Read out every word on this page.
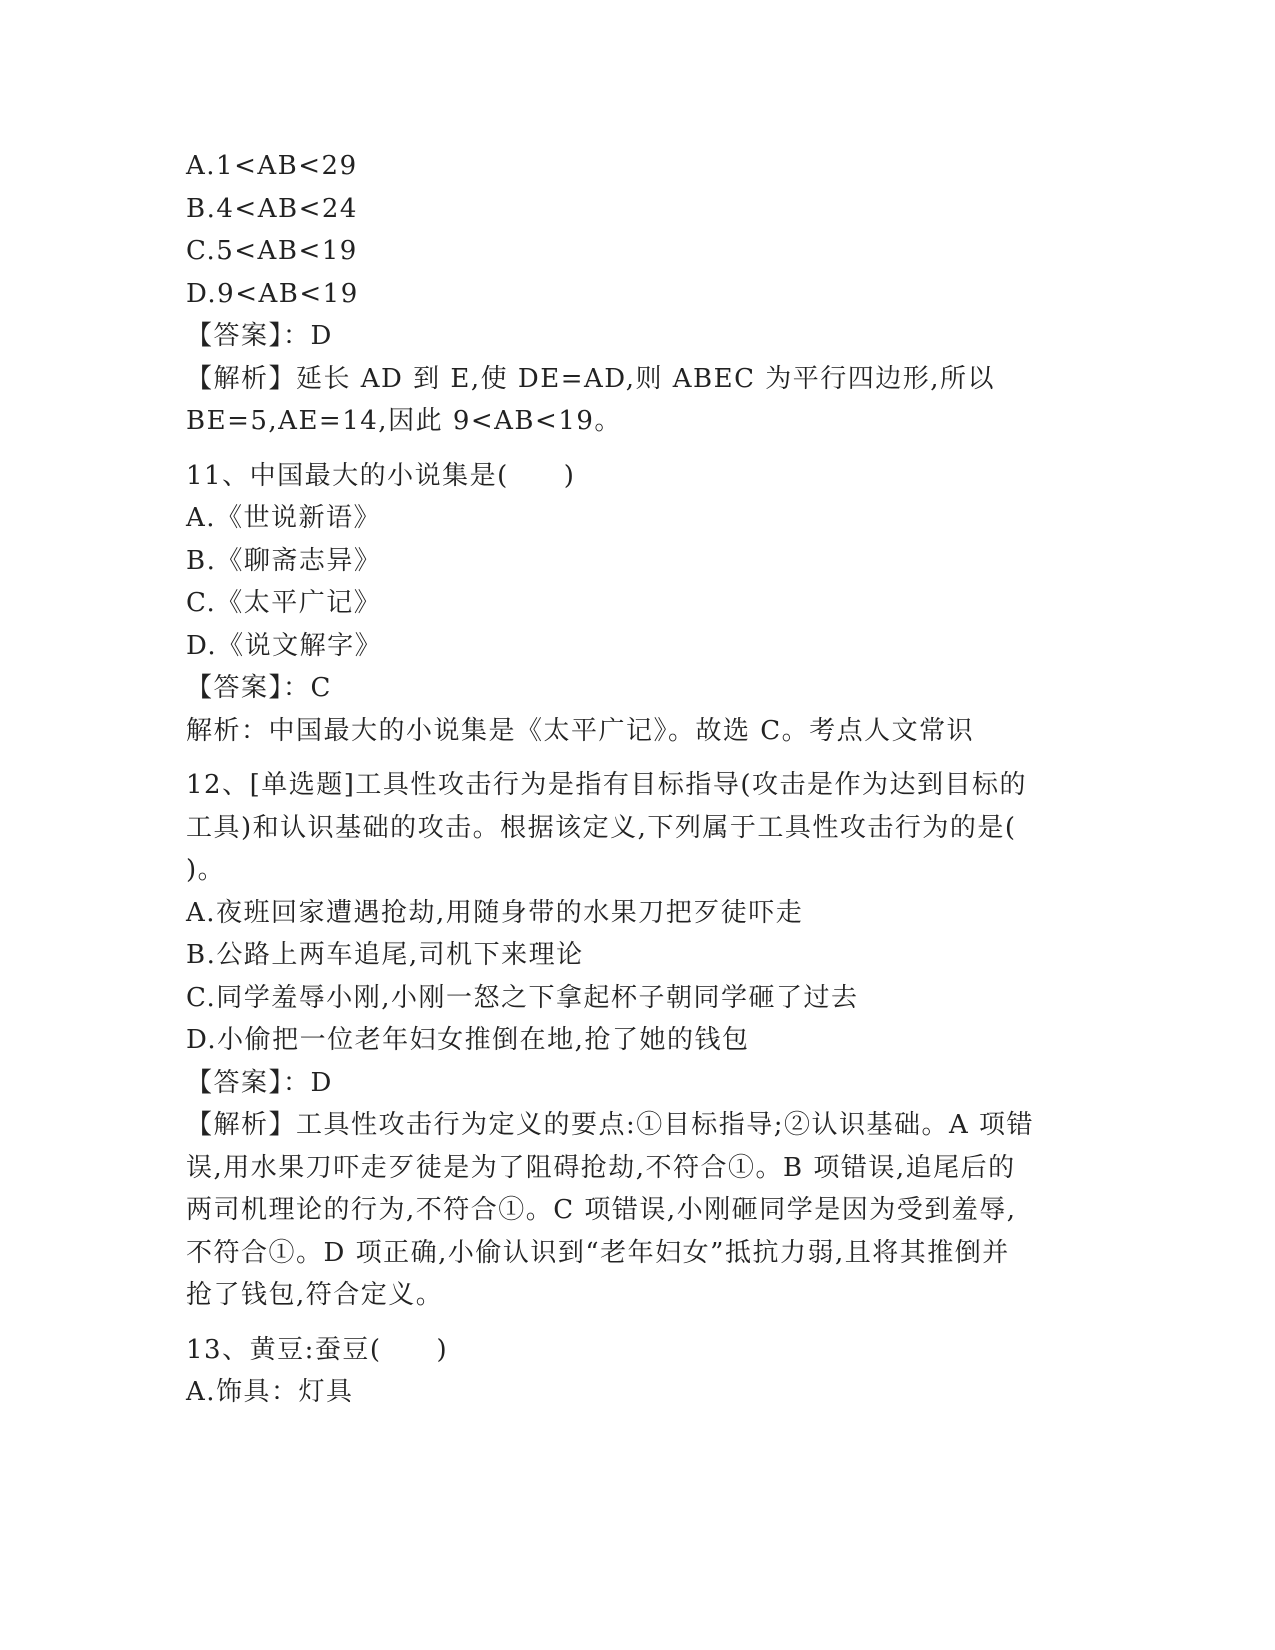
A.1<AB<29
B.4<AB<24
C.5<AB<19
D.9<AB<19
【答案】：D
【解析】延长 AD 到 E,使 DE=AD,则 ABEC 为平行四边形,所以
BE=5,AE=14,因此 9<AB<19。
11、中国最大的小说集是(　　)
A.《世说新语》
B.《聊斋志异》
C.《太平广记》
D.《说文解字》
【答案】：C
解析：中国最大的小说集是《太平广记》。故选 C。考点人文常识
12、[单选题]工具性攻击行为是指有目标指导(攻击是作为达到目标的
工具)和认识基础的攻击。根据该定义,下列属于工具性攻击行为的是(
)。
A.夜班回家遭遇抢劫,用随身带的水果刀把歹徒吓走
B.公路上两车追尾,司机下来理论
C.同学羞辱小刚,小刚一怒之下拿起杯子朝同学砸了过去
D.小偷把一位老年妇女推倒在地,抢了她的钱包
【答案】：D
【解析】工具性攻击行为定义的要点:①目标指导;②认识基础。A 项错
误,用水果刀吓走歹徒是为了阻碍抢劫,不符合①。B 项错误,追尾后的
两司机理论的行为,不符合①。C 项错误,小刚砸同学是因为受到羞辱,
不符合①。D 项正确,小偷认识到“老年妇女”抵抗力弱,且将其推倒并
抢了钱包,符合定义。
13、黄豆:蚕豆(　　)
A.饰具：灯具
